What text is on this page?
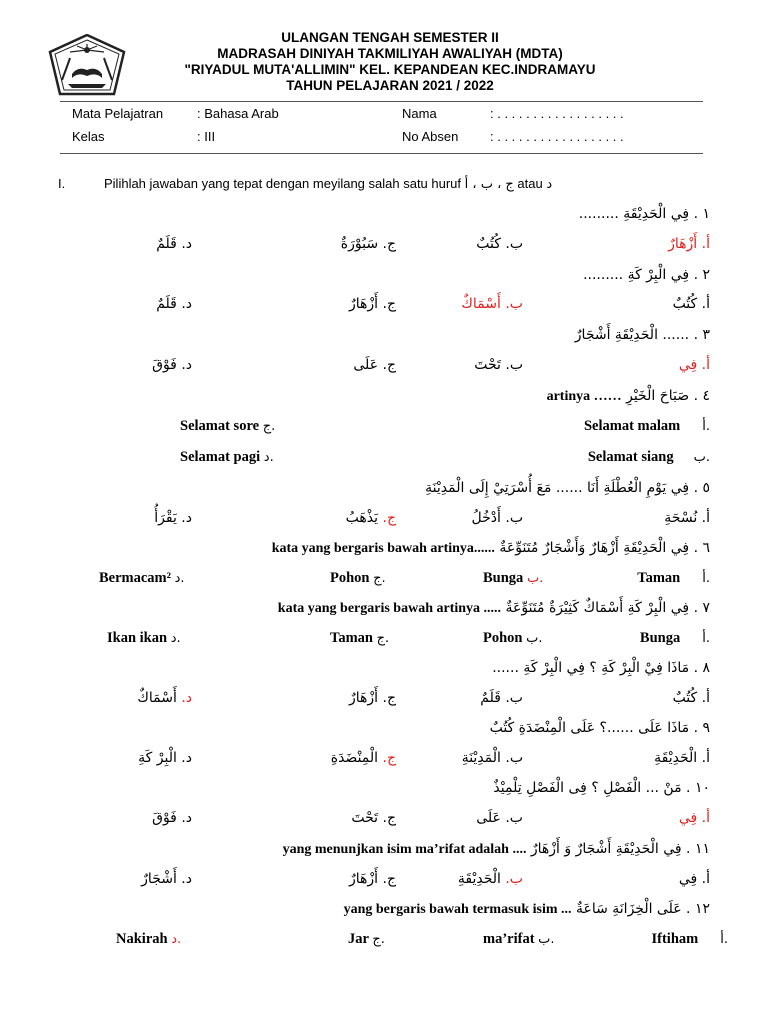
ULANGAN TENGAH SEMESTER II
MADRASAH DINIYAH TAKMILIYAH AWALIYAH (MDTA)
"RIYADUL MUTA'ALLIMIN" KEL. KEPANDEAN KEC.INDRAMAYU
TAHUN PELAJARAN 2021 / 2022
Mata Pelajatran	: Bahasa Arab
Kelas	: III
Nama	: . . . . . . . . . . . . . . . . . .
No Absen : . . . . . . . . . . . . . . . . . .
I.	Pilihlah jawaban yang tepat dengan meyilang salah satu huruf ج ، ب ، أ atau د
١ . فِي الْحَدِيْقَةِ .........
أ. أَزْهَارٌ
ب. كُتُبٌ
ج. سَبُوْرَةٌ
د. قَلَمٌ
٢ . فِي الْبِرْ كَةِ .........
أ. كُتُبٌ
ب. أَسْمَاكٌ
ج. أَزْهَارٌ
د. قَلَمٌ
٣ . ...... الْحَدِيْقَةِ أَشْجَارٌ
أ. فِي
ب. تَحْتَ
ج. عَلَى
د. فَوْقَ
٤ . صَبَاحَ الْخَيْرِ …… artinya
Selamat malam أ.
Selamat sore ج.
Selamat siang ب.
Selamat pagi د.
٥ . فِي يَوْمِ الْعُطْلَةِ أَنَا ...... مَعَ أُسْرَتِيْ إِلَى الْمَدِيْنَةِ
أ. نُسْحَةِ
ب. أَدْخُلُ
ج. يَذْهَبُ
د. يَقْرَأُ
٦ . فِي الْحَدِيْقَةِ أَزْهَارٌ وَأَشْجَارٌ مُتَنَوِّعَةٌ ......kata yang bergaris bawah artinya
Taman أ.
Bunga ب.
Pohon ج.
Bermacam² د.
٧ . فِي الْبِرْ كَةِ أَسْمَاكٌ كَثِيْرَةٌ مُتَنَوِّعَةٌ ..... kata yang bergaris bawah artinya
Bunga أ.
Pohon ب.
Taman ج.
Ikan ikan د.
٨ . مَاذَا فِيْ الْبِرْ كَةِ ؟ فِي الْبِرْ كَةِ ......
أ. كُتُبٌ
ب. قَلَمٌ
ج. أَزْهَارٌ
د. أَسْمَاكٌ
٩ . مَاذَا عَلَى ......؟ عَلَى الْمِنْضَدَةِ كُتُبٌ
أ. الْحَدِيْقَةِ
ب. الْمَدِيْنَةِ
ج. الْمِنْضَدَةِ
د. الْبِرْ كَةِ
١٠ . مَنْ ... الْفَصْلِ ؟ فِى الْفَصْلِ تِلْمِيْذٌ
أ. فِي
ب. عَلَى
ج. تَحْتَ
د. فَوْقَ
١١ . فِي الْحَدِيْقَةِ أَشْجَارٌ وَ أَزْهَارٌ .... yang menunjkan isim ma’rifat adalah
أ. فِي
ب. الْحَدِيْقَةِ
ج. أَزْهَارٌ
د. أَشْجَارٌ
١٢ . عَلَى الْخِزَانَةِ سَاعَةٌ ... yang bergaris bawah termasuk isim
Iftiham أ.
ma’rifat ب.
Jar ج.
Nakirah د.
